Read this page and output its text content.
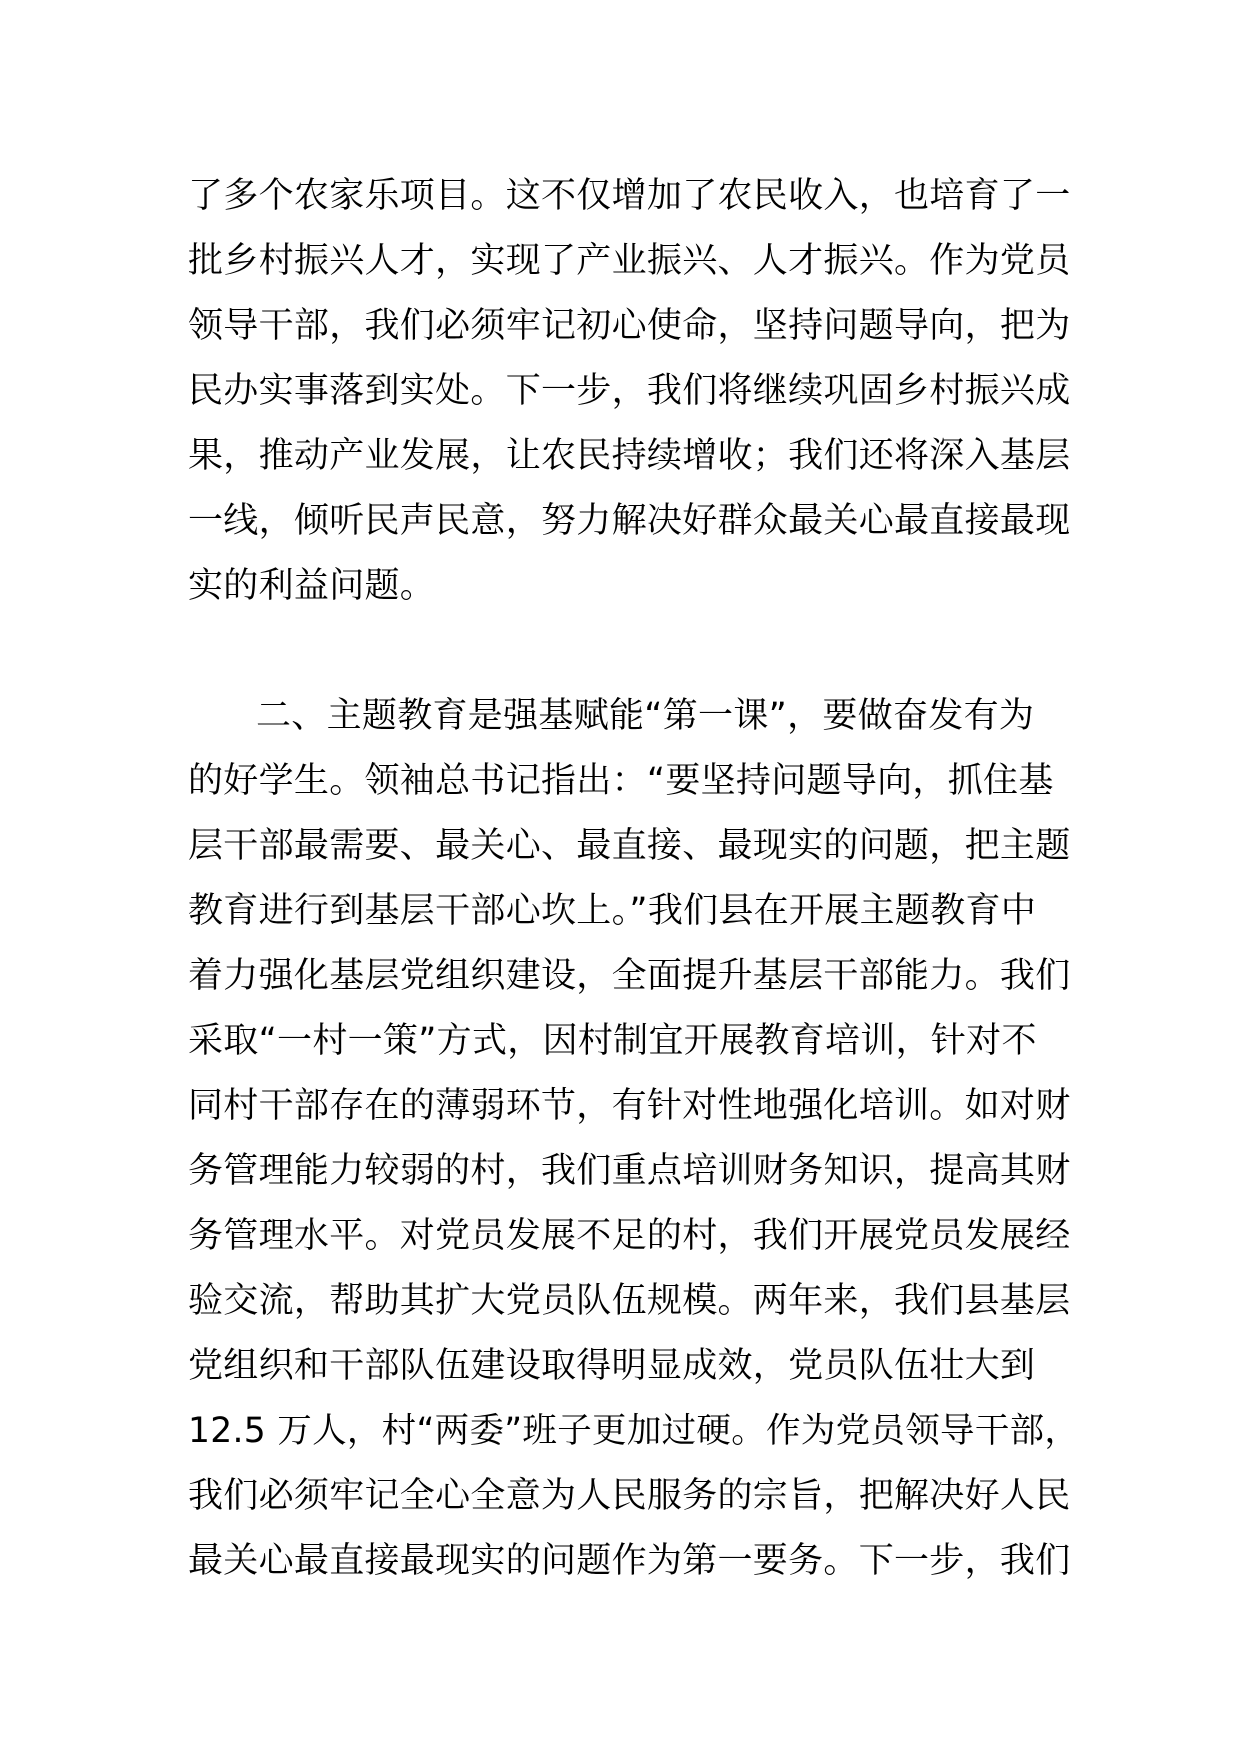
了多个农家乐项目。这不仅增加了农民收入，也培育了一
批乡村振兴人才，实现了产业振兴、人才振兴。作为党员
领导干部，我们必须牢记初心使命，坚持问题导向，把为
民办实事落到实处。下一步，我们将继续巩固乡村振兴成
果，推动产业发展，让农民持续增收；我们还将深入基层
一线，倾听民声民意，努力解决好群众最关心最直接最现
实的利益问题。
二、主题教育是强基赋能“第一课”，要做奋发有为
的好学生。领袖总书记指出：“要坚持问题导向，抓住基
层干部最需要、最关心、最直接、最现实的问题，把主题
教育进行到基层干部心坎上。”我们县在开展主题教育中
着力强化基层党组织建设，全面提升基层干部能力。我们
采取“一村一策”方式，因村制宜开展教育培训，针对不
同村干部存在的薄弱环节，有针对性地强化培训。如对财
务管理能力较弱的村，我们重点培训财务知识，提高其财
务管理水平。对党员发展不足的村，我们开展党员发展经
验交流，帮助其扩大党员队伍规模。两年来，我们县基层
党组织和干部队伍建设取得明显成效，党员队伍壮大到
12.5 万人，村“两委”班子更加过硬。作为党员领导干部，
我们必须牢记全心全意为人民服务的宗旨，把解决好人民
最关心最直接最现实的问题作为第一要务。下一步，我们
